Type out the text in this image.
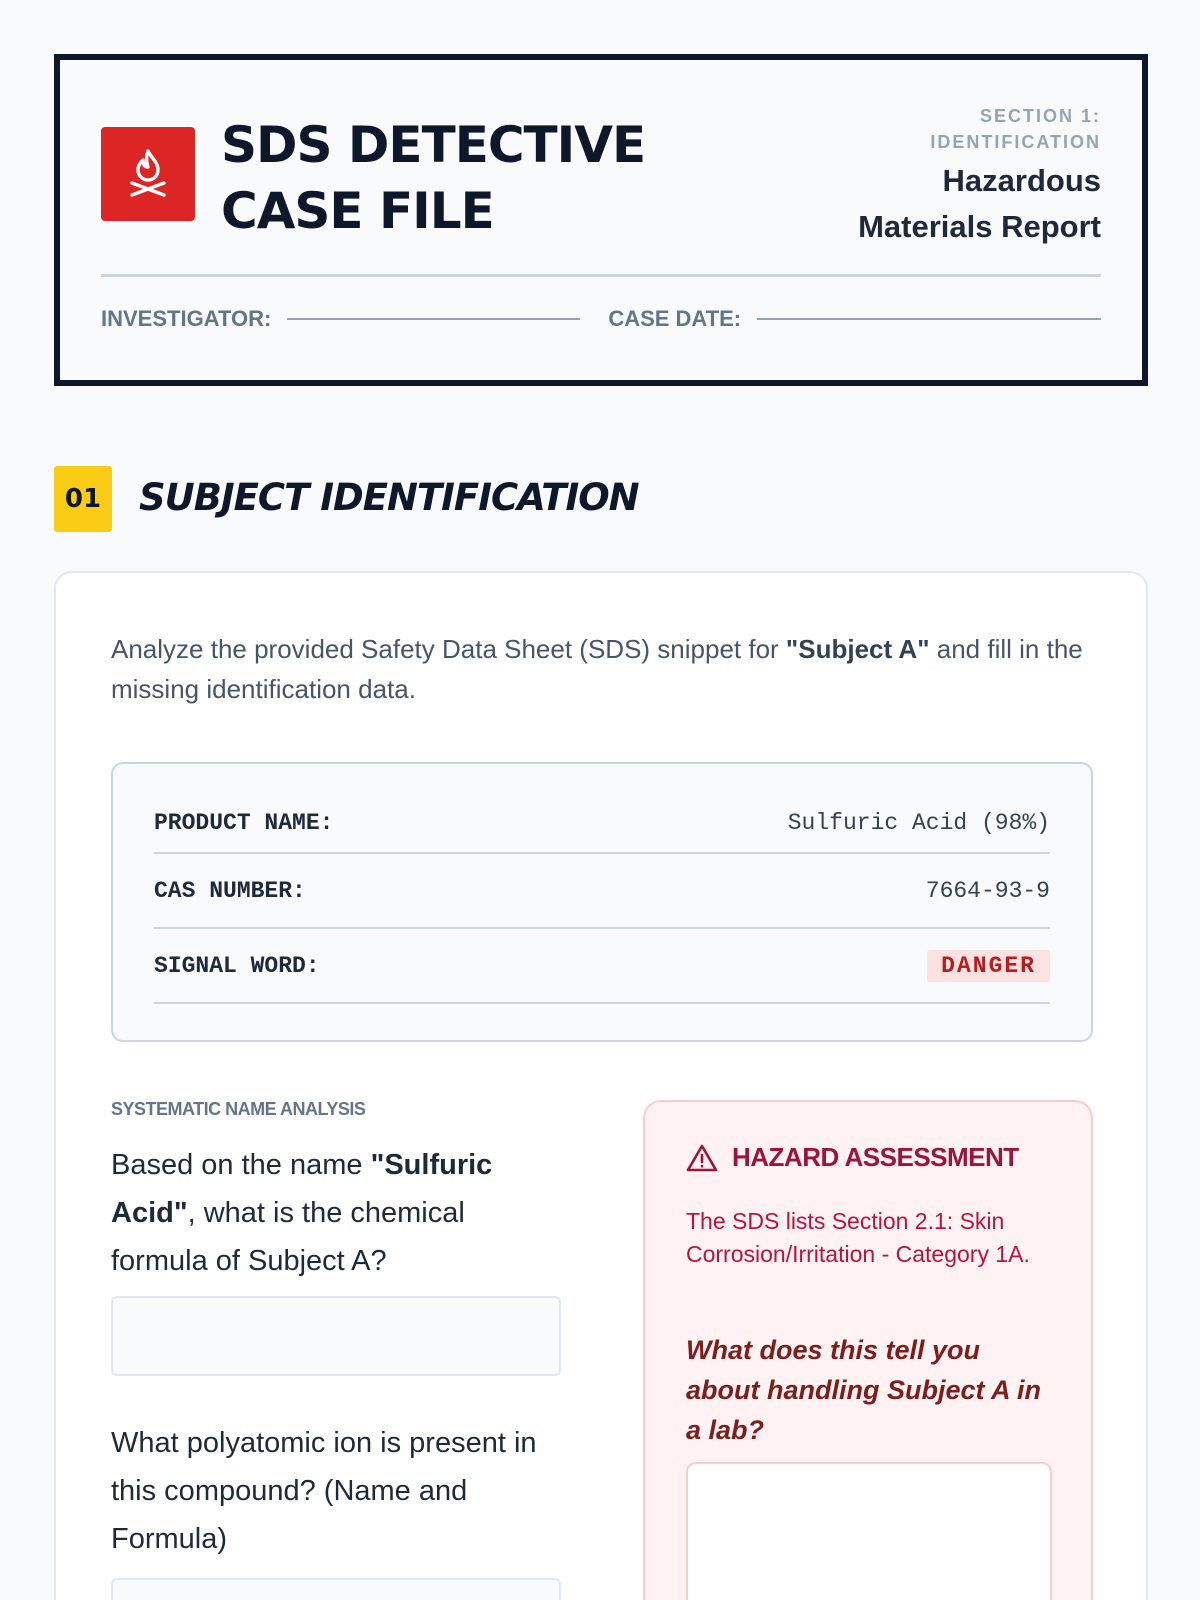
SDS DETECTIVE
CASE FILE
SECTION 1:
IDENTIFICATION
Hazardous
Materials Report
INVESTIGATOR:	CASE DATE:
01 SUBJECT IDENTIFICATION

Analyze the provided Safety Data Sheet (SDS) snippet for "Subject A" and fill in the missing identification data.

PRODUCT NAME:	Sulfuric Acid (98%)
CAS NUMBER:	7664-93-9
SIGNAL WORD:	DANGER
SYSTEMATIC NAME ANALYSIS

Based on the name "Sulfuric Acid", what is the chemical formula of Subject A?

What polyatomic ion is present in this compound? (Name and Formula)

HAZARD ASSESSMENT

The SDS lists Section 2.1: Skin Corrosion/Irritation - Category 1A.

What does this tell you about handling Subject A in a lab?
